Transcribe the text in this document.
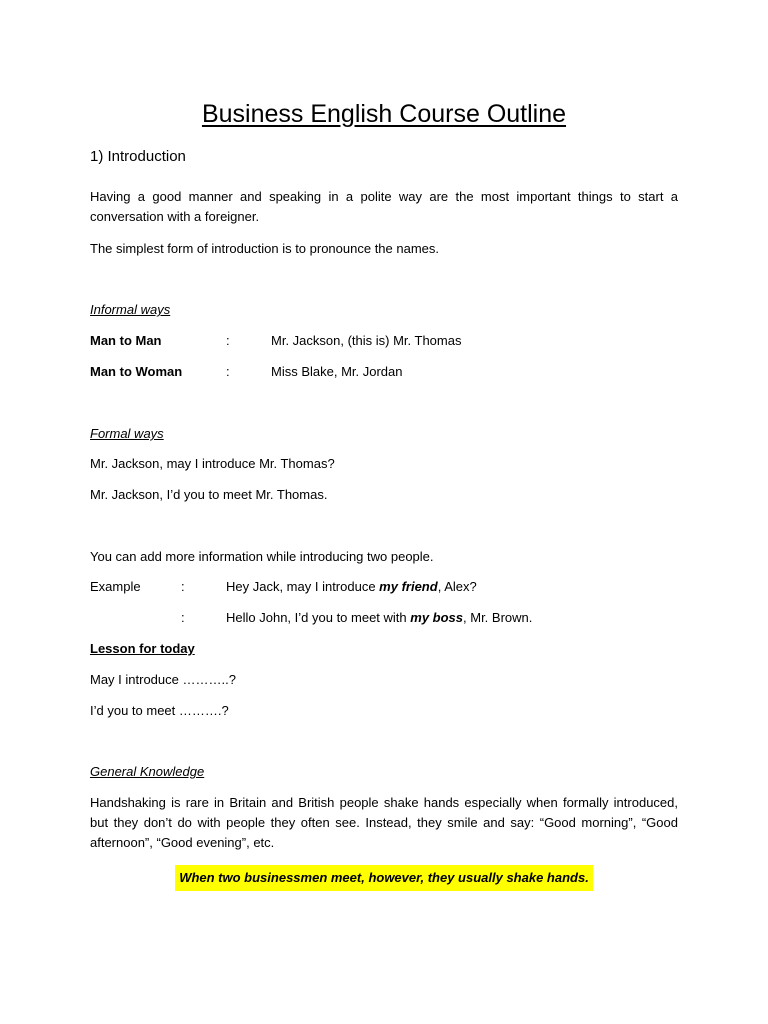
Business English Course Outline
1) Introduction
Having a good manner and speaking in a polite way are the most important things to start a conversation with a foreigner.
The simplest form of introduction is to pronounce the names.
Informal ways
Man to Man	:	Mr. Jackson, (this is) Mr. Thomas
Man to Woman	:	Miss Blake, Mr. Jordan
Formal ways
Mr. Jackson, may I introduce Mr. Thomas?
Mr. Jackson, I’d you to meet Mr. Thomas.
You can add more information while introducing two people.
Example	:	Hey Jack, may I introduce my friend, Alex?
:	Hello John, I’d you to meet with my boss, Mr. Brown.
Lesson for today
May I introduce ………..?
I’d you to meet ……….?
General Knowledge
Handshaking is rare in Britain and British people shake hands especially when formally introduced, but they don’t do with people they often see. Instead, they smile and say: “Good morning”, “Good afternoon”, “Good evening”, etc.
When two businessmen meet, however, they usually shake hands.
